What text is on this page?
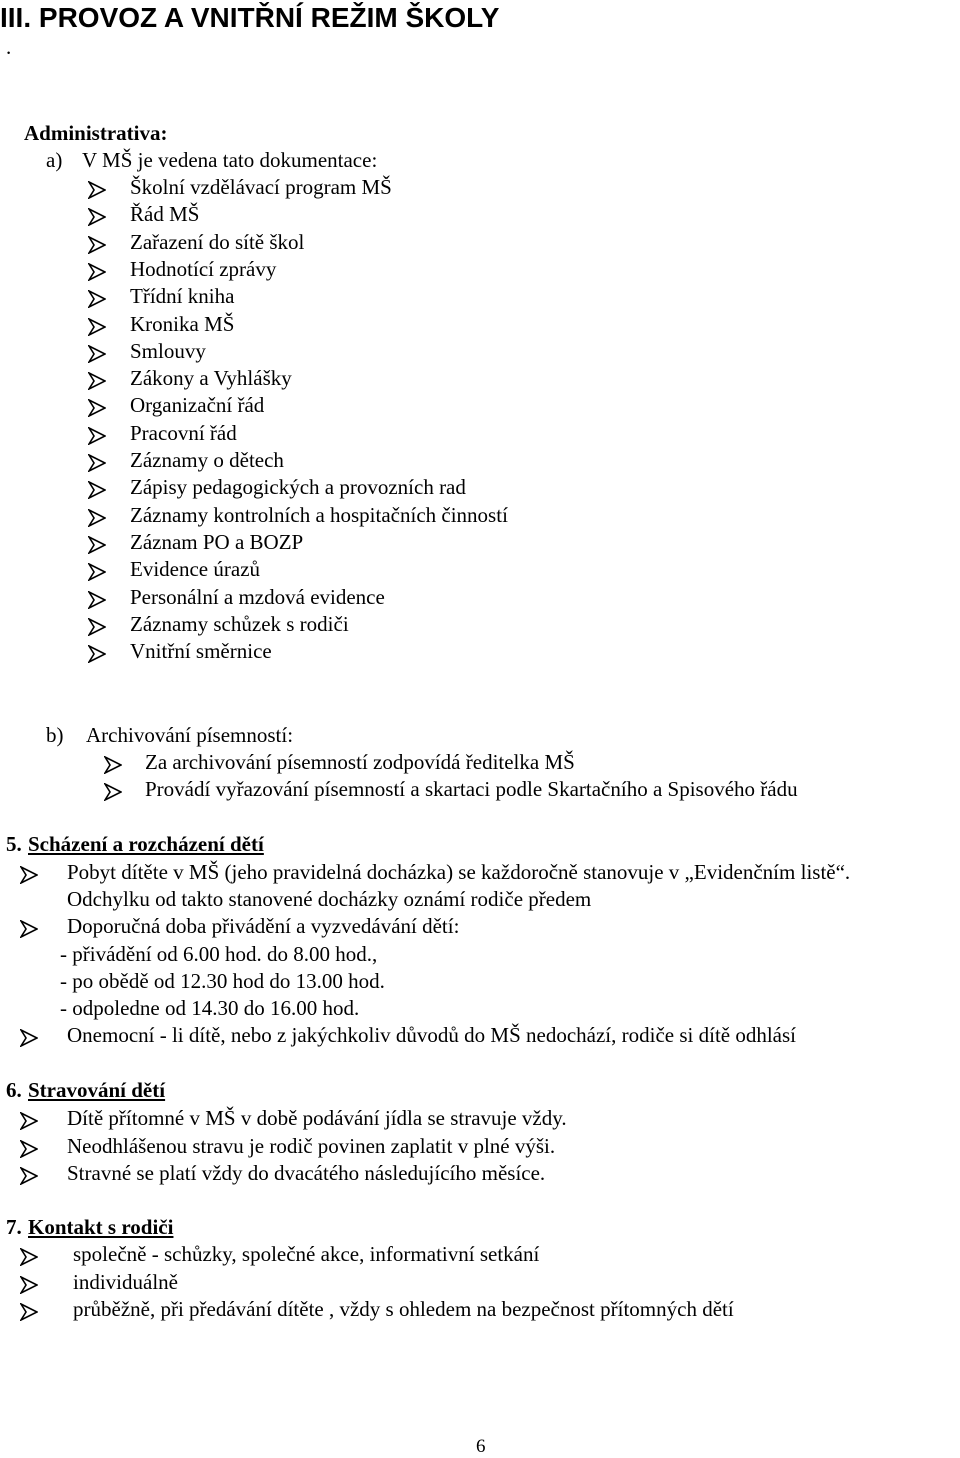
III. PROVOZ A VNITŘNÍ REŽIM ŠKOLY
.
Administrativa:
a) V MŠ je vedena tato dokumentace:
Školní vzdělávací program MŠ
Řád MŠ
Zařazení do sítě škol
Hodnotící zprávy
Třídní kniha
Kronika MŠ
Smlouvy
Zákony a Vyhlášky
Organizační řád
Pracovní řád
Záznamy o dětech
Zápisy pedagogických a provozních rad
Záznamy kontrolních a hospitačních činností
Záznam PO a BOZP
Evidence úrazů
Personální a mzdová evidence
Záznamy schůzek s rodiči
Vnitřní směrnice
b) Archivování písemností:
Za archivování písemností zodpovídá ředitelka MŠ
Provádí vyřazování písemností a skartaci podle Skartačního a Spisového řádu
5. Scházení a rozcházení dětí
Pobyt dítěte v MŠ (jeho pravidelná docházka) se každoročně stanovuje v „Evidenčním listě“.
Odchylku od takto stanovené docházky oznámí rodiče předem
Doporučná doba přivádění a vyzvedávání dětí:
- přivádění od 6.00 hod. do 8.00 hod.,
- po obědě od 12.30 hod do 13.00 hod.
- odpoledne od 14.30 do 16.00 hod.
Onemocní - li dítě, nebo z jakýchkoliv důvodů do MŠ nedochází, rodiče si dítě odhlásí
6. Stravování dětí
Dítě přítomné v MŠ v době podávání jídla se stravuje vždy.
Neodhlášenou stravu je rodič povinen zaplatit v plné výši.
Stravné se platí vždy do dvacátého následujícího měsíce.
7. Kontakt s rodiči
společně - schůzky, společné akce, informativní setkání
individuálně
průběžně, při předávání dítěte , vždy s ohledem na bezpečnost přítomných dětí
6
